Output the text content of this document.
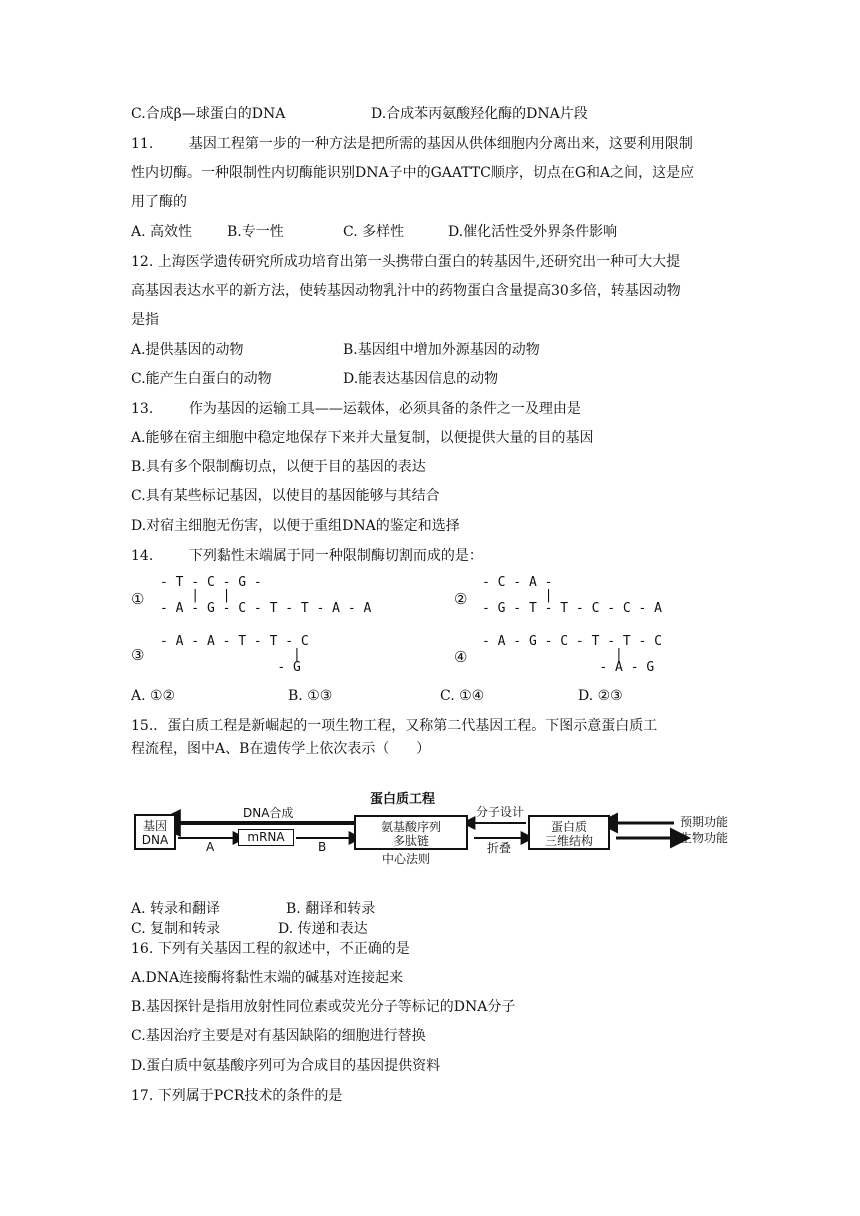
C.合成β—球蛋白的DNA	D.合成苯丙氨酸羟化酶的DNA片段
11.        基因工程第一步的一种方法是把所需的基因从供体细胞内分离出来，这要利用限制
性内切酶。一种限制性内切酶能识别DNA子中的GAATTC顺序，切点在G和A之间，这是应
用了酶的
A. 高效性 B.专一性	C. 多样性	D.催化活性受外界条件影响
12. 上海医学遗传研究所成功培育出第一头携带白蛋白的转基因牛,还研究出一种可大大提
高基因表达水平的新方法，使转基因动物乳汁中的药物蛋白含量提高30多倍，转基因动物
是指
A.提供基因的动物	B.基因组中增加外源基因的动物
C.能产生白蛋白的动物	D.能表达基因信息的动物
13.        作为基因的运输工具——运载体，必须具备的条件之一及理由是
A.能够在宿主细胞中稳定地保存下来并大量复制，以便提供大量的目的基因
B.具有多个限制酶切点，以便于目的基因的表达
C.具有某些标记基因，以使目的基因能够与其结合
D.对宿主细胞无伤害，以便于重组DNA的鉴定和选择
14.        下列黏性末端属于同一种限制酶切割而成的是：
①
- T - C - G -
|   |
- A - G - C - T - T - A - A
②
- C - A -
|
- G - T - T - C - C - A
③
- A - A - T - T - C
|
- G
④
- A - G - C - T - T - C
|
- A - G
A. ①②	B. ①③	C. ①④	D. ②③
15.．蛋白质工程是新崛起的一项生物工程，又称第二代基因工程。下图示意蛋白质工
程流程，图中A、B在遗传学上依次表示（      ）
蛋白质工程
基因
DNA
DNA合成
mRNA
A	B
氨基酸序列
多肽链
中心法则
分子设计
折叠
蛋白质
三维结构
预期功能
生物功能
A. 转录和翻译	B. 翻译和转录
C. 复制和转录	D. 传递和表达
16. 下列有关基因工程的叙述中，不正确的是
A.DNA连接酶将黏性末端的碱基对连接起来
B.基因探针是指用放射性同位素或荧光分子等标记的DNA分子
C.基因治疗主要是对有基因缺陷的细胞进行替换
D.蛋白质中氨基酸序列可为合成目的基因提供资料
17. 下列属于PCR技术的条件的是
